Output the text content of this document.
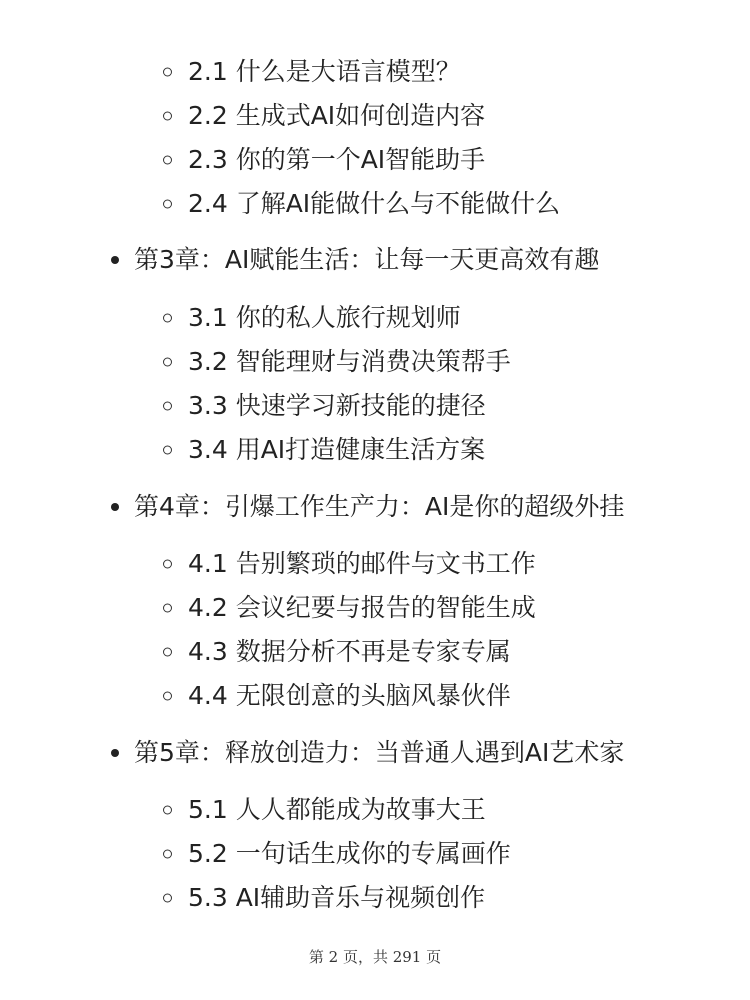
2.1 什么是大语言模型？
2.2 生成式AI如何创造内容
2.3 你的第一个AI智能助手
2.4 了解AI能做什么与不能做什么
第3章：AI赋能生活：让每一天更高效有趣
3.1 你的私人旅行规划师
3.2 智能理财与消费决策帮手
3.3 快速学习新技能的捷径
3.4 用AI打造健康生活方案
第4章：引爆工作生产力：AI是你的超级外挂
4.1 告别繁琐的邮件与文书工作
4.2 会议纪要与报告的智能生成
4.3 数据分析不再是专家专属
4.4 无限创意的头脑风暴伙伴
第5章：释放创造力：当普通人遇到AI艺术家
5.1 人人都能成为故事大王
5.2 一句话生成你的专属画作
5.3 AI辅助音乐与视频创作
第 2 页，共 291 页
